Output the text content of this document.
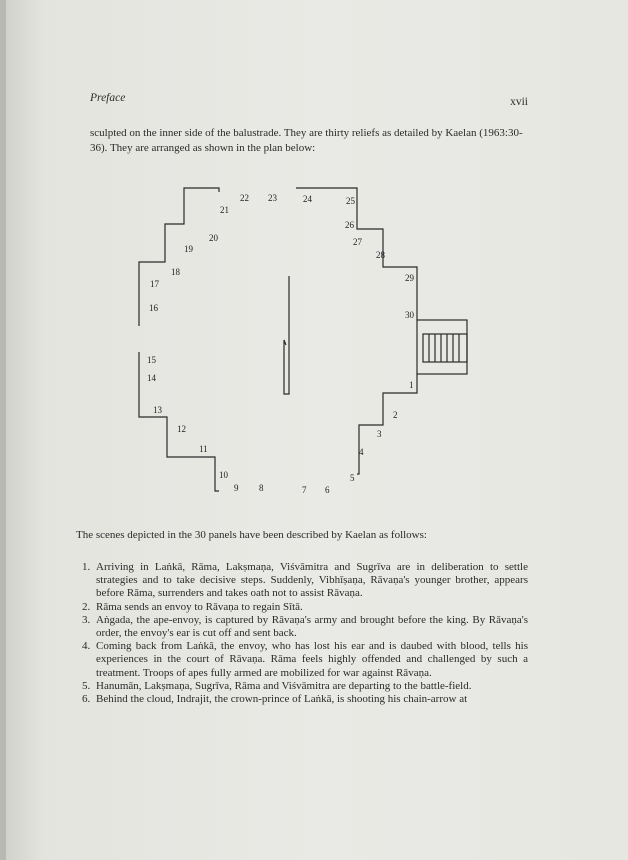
Preface	xvii
sculpted on the inner side of the balustrade. They are thirty reliefs as detailed by Kaelan (1963:30-36). They are arranged as shown in the plan below:
1
2
3
4
5
6
7
8
9
10
11
12
13
14
15
16
17
18
19
20
21
22 23	24	25
26
27
28
29
30
The scenes depicted in the 30 panels have been described by Kaelan as follows:
1. Arriving in Laṅkā, Rāma, Lakṣmaṇa, Viśvāmitra and Sugrīva are in deliberation to settle strategies and to take decisive steps. Suddenly, Vibhīṣaṇa, Rāvaṇa's younger brother, appears before Rāma, surrenders and takes oath not to assist Rāvaṇa.
2. Rāma sends an envoy to Rāvaṇa to regain Sītā.
3. Aṅgada, the ape-envoy, is captured by Rāvaṇa's army and brought before the king. By Rāvaṇa's order, the envoy's ear is cut off and sent back.
4. Coming back from Laṅkā, the envoy, who has lost his ear and is daubed with blood, tells his experiences in the court of Rāvaṇa. Rāma feels highly offended and challenged by such a treatment. Troops of apes fully armed are mobilized for war against Rāvaṇa.
5. Hanumān, Lakṣmaṇa, Sugrīva, Rāma and Viśvāmitra are departing to the battle-field.
6. Behind the cloud, Indrajit, the crown-prince of Laṅkā, is shooting his chain-arrow at
